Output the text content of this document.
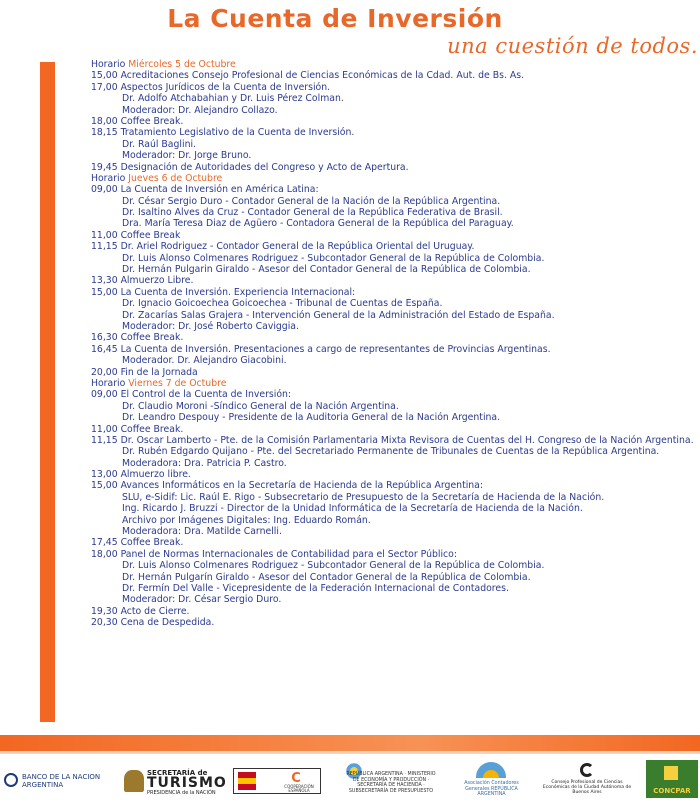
La Cuenta de Inversión
una cuestión de todos.
Horario Miércoles 5 de Octubre
15,00 Acreditaciones Consejo Profesional de Ciencias Económicas de la Cdad. Aut. de Bs. As.
17,00 Aspectos Jurídicos de la Cuenta de Inversión.
Dr. Adolfo Atchabahian y Dr. Luis Pérez Colman.
Moderador: Dr. Alejandro Collazo.
18,00 Coffee Break.
18,15 Tratamiento Legislativo de la Cuenta de Inversión.
Dr. Raúl Baglini.
Moderador: Dr. Jorge Bruno.
19,45 Designación de Autoridades del Congreso y Acto de Apertura.
Horario Jueves 6 de Octubre
09,00 La Cuenta de Inversión en América Latina:
Dr. César Sergio Duro - Contador General de la Nación de la República Argentina.
Dr. Isaltino Alves da Cruz - Contador General de la República Federativa de Brasil.
Dra. María Teresa Diaz de Agüero - Contadora General de la República del Paraguay.
11,00 Coffee Break
11,15 Dr. Ariel Rodriguez - Contador General de la República Oriental del Uruguay.
Dr. Luis Alonso Colmenares Rodriguez - Subcontador General de la República de Colombia.
Dr. Hernán Pulgarin Giraldo - Asesor del Contador General de la República de Colombia.
13,30 Almuerzo Libre.
15,00 La Cuenta de Inversión. Experiencia Internacional:
Dr. Ignacio Goicoechea Goicoechea - Tribunal de Cuentas de España.
Dr. Zacarías Salas Grajera - Intervención General de la Administración del Estado de España.
Moderador: Dr. José Roberto Caviggia.
16,30 Coffee Break.
16,45 La Cuenta de Inversión. Presentaciones a cargo de representantes de Provincias Argentinas.
Moderador. Dr. Alejandro Giacobini.
20,00 Fin de la Jornada
Horario Viernes 7 de Octubre
09,00 El Control de la Cuenta de Inversión:
Dr. Claudio Moroni -Síndico General de la Nación Argentina.
Dr. Leandro Despouy - Presidente de la Auditoria General de la Nación Argentina.
11,00 Coffee Break.
11,15 Dr. Oscar Lamberto - Pte. de la Comisión Parlamentaria Mixta Revisora de Cuentas del H. Congreso de la Nación Argentina.
Dr. Rubén Edgardo Quijano - Pte. del Secretariado Permanente de Tribunales de Cuentas de la República Argentina.
Moderadora: Dra. Patricia P. Castro.
13,00 Almuerzo libre.
15,00 Avances Informáticos en la Secretaría de Hacienda de la República Argentina:
SLU, e-Sidif: Lic. Raúl E. Rigo - Subsecretario de Presupuesto de la Secretaría de Hacienda de la Nación.
Ing. Ricardo J. Bruzzi - Director de la Unidad Informática de la Secretaría de Hacienda de la Nación.
Archivo por Imágenes Digitales: Ing. Eduardo Román.
Moderadora: Dra. Matilde Carnelli.
17,45 Coffee Break.
18,00 Panel de Normas Internacionales de Contabilidad para el Sector Público:
Dr. Luis Alonso Colmenares Rodriguez - Subcontador General de la República de Colombia.
Dr. Hernán Pulgarín Giraldo - Asesor del Contador General de la República de Colombia.
Dr. Fermín Del Valle - Vicepresidente de la Federación Internacional de Contadores.
Moderador: Dr. César Sergio Duro.
19,30 Acto de Cierre.
20,30 Cena de Despedida.
BANCO DE LA NACION ARGENTINA
SECRETARÍA de
TURISMO
PRESIDENCIA de la NACIÓN
C
COOPERACIÓN ESPAÑOLA
REPÚBLICA ARGENTINA · MINISTERIO DE ECONOMÍA Y PRODUCCIÓN · SECRETARÍA DE HACIENDA · SUBSECRETARÍA DE PRESUPUESTO
Asociación Contadores Generales REPÚBLICA ARGENTINA
Consejo Profesional de Ciencias Económicas de la Ciudad Autónoma de Buenos Aires	CONCPAR
